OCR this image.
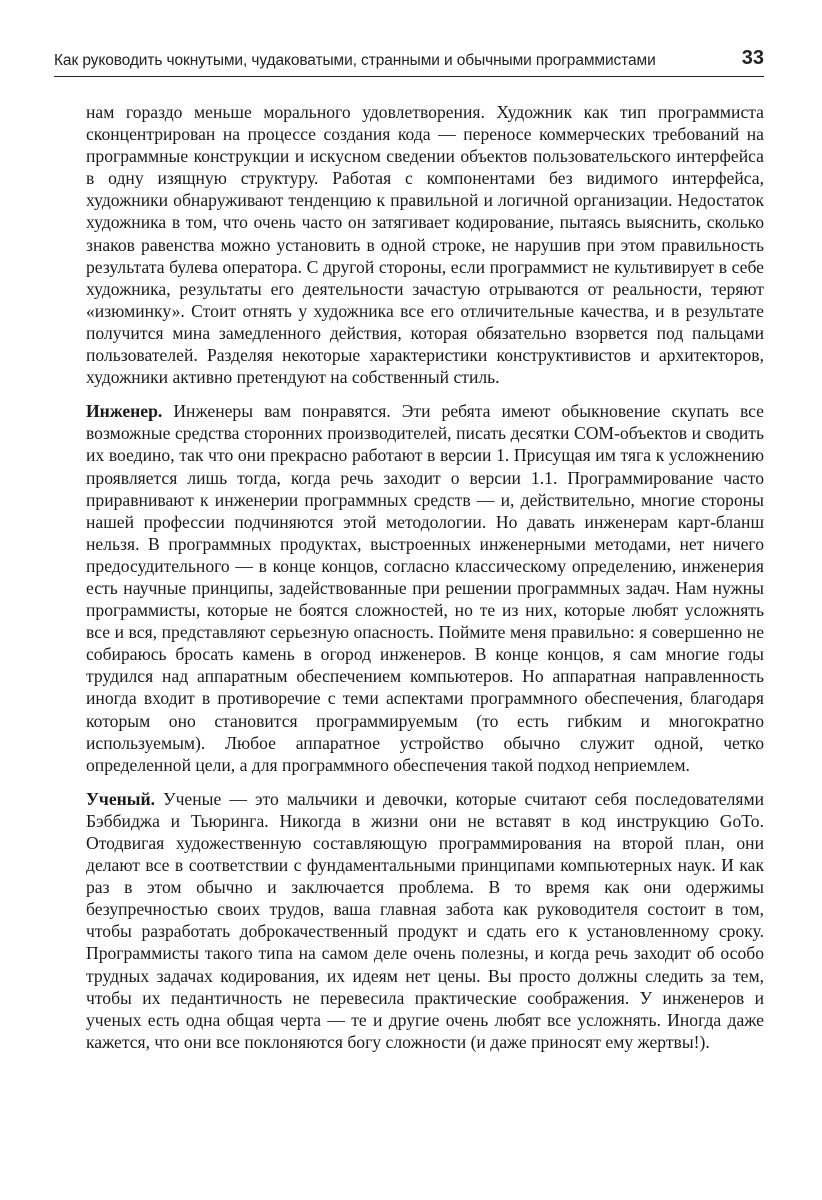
Как руководить чокнутыми, чудаковатыми, странными и обычными программистами	33

нам гораздо меньше морального удовлетворения. Художник как тип программиста сконцентрирован на процессе создания кода — переносе коммерческих требований на программные конструкции и искусном сведении объектов пользовательского интерфейса в одну изящную структуру. Работая с компонентами без видимого интерфейса, художники обнаруживают тенденцию к правильной и логичной организации. Недостаток художника в том, что очень часто он затягивает кодирование, пытаясь выяснить, сколько знаков равенства можно установить в одной строке, не нарушив при этом правильность результата булева оператора. С другой стороны, если программист не культивирует в себе художника, результаты его деятельности зачастую отрываются от реальности, теряют «изюминку». Стоит отнять у художника все его отличительные качества, и в результате получится мина замедленного действия, которая обязательно взорвется под пальцами пользователей. Разделяя некоторые характеристики конструктивистов и архитекторов, художники активно претендуют на собственный стиль.

Инженер. Инженеры вам понравятся. Эти ребята имеют обыкновение скупать все возможные средства сторонних производителей, писать десятки COM-объектов и сводить их воедино, так что они прекрасно работают в версии 1. Присущая им тяга к усложнению проявляется лишь тогда, когда речь заходит о версии 1.1. Программирование часто приравнивают к инженерии программных средств — и, действительно, многие стороны нашей профессии подчиняются этой методологии. Но давать инженерам карт-бланш нельзя. В программных продуктах, выстроенных инженерными методами, нет ничего предосудительного — в конце концов, согласно классическому определению, инженерия есть научные принципы, задействованные при решении программных задач. Нам нужны программисты, которые не боятся сложностей, но те из них, которые любят усложнять все и вся, представляют серьезную опасность. Поймите меня правильно: я совершенно не собираюсь бросать камень в огород инженеров. В конце концов, я сам многие годы трудился над аппаратным обеспечением компьютеров. Но аппаратная направленность иногда входит в противоречие с теми аспектами программного обеспечения, благодаря которым оно становится программируемым (то есть гибким и многократно используемым). Любое аппаратное устройство обычно служит одной, четко определенной цели, а для программного обеспечения такой подход неприемлем.

Ученый. Ученые — это мальчики и девочки, которые считают себя последователями Бэббиджа и Тьюринга. Никогда в жизни они не вставят в код инструкцию GoTo. Отодвигая художественную составляющую программирования на второй план, они делают все в соответствии с фундаментальными принципами компьютерных наук. И как раз в этом обычно и заключается проблема. В то время как они одержимы безупречностью своих трудов, ваша главная забота как руководителя состоит в том, чтобы разработать доброкачественный продукт и сдать его к установленному сроку. Программисты такого типа на самом деле очень полезны, и когда речь заходит об особо трудных задачах кодирования, их идеям нет цены. Вы просто должны следить за тем, чтобы их педантичность не перевесила практические соображения. У инженеров и ученых есть одна общая черта — те и другие очень любят все усложнять. Иногда даже кажется, что они все поклоняются богу сложности (и даже приносят ему жертвы!).
